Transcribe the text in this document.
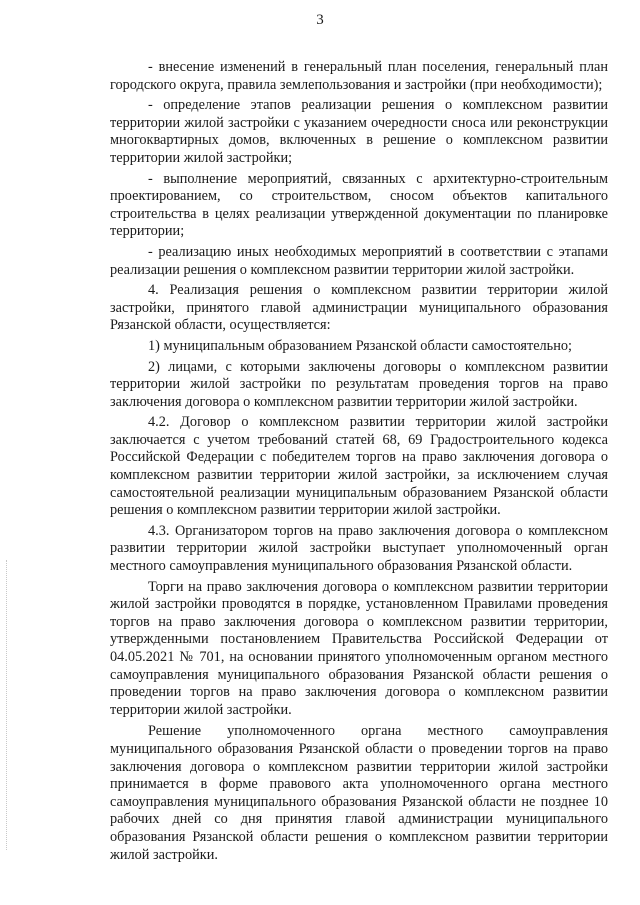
3

- внесение изменений в генеральный план поселения, генеральный план городского округа, правила землепользования и застройки (при необходимости);

- определение этапов реализации решения о комплексном развитии территории жилой застройки с указанием очередности сноса или реконструкции многоквартирных домов, включенных в решение о комплексном развитии территории жилой застройки;

- выполнение мероприятий, связанных с архитектурно-строительным проектированием, со строительством, сносом объектов капитального строительства в целях реализации утвержденной документации по планировке территории;

- реализацию иных необходимых мероприятий в соответствии с этапами реализации решения о комплексном развитии территории жилой застройки.

4. Реализация решения о комплексном развитии территории жилой застройки, принятого главой администрации муниципального образования Рязанской области, осуществляется:

1) муниципальным образованием Рязанской области самостоятельно;

2) лицами, с которыми заключены договоры о комплексном развитии территории жилой застройки по результатам проведения торгов на право заключения договора о комплексном развитии территории жилой застройки.

4.2. Договор о комплексном развитии территории жилой застройки заключается с учетом требований статей 68, 69 Градостроительного кодекса Российской Федерации с победителем торгов на право заключения договора о комплексном развитии территории жилой застройки, за исключением случая самостоятельной реализации муниципальным образованием Рязанской области решения о комплексном развитии территории жилой застройки.

4.3. Организатором торгов на право заключения договора о комплексном развитии территории жилой застройки выступает уполномоченный орган местного самоуправления муниципального образования Рязанской области.

Торги на право заключения договора о комплексном развитии территории жилой застройки проводятся в порядке, установленном Правилами проведения торгов на право заключения договора о комплексном развитии территории, утвержденными постановлением Правительства Российской Федерации от 04.05.2021 № 701, на основании принятого уполномоченным органом местного самоуправления муниципального образования Рязанской области решения о проведении торгов на право заключения договора о комплексном развитии территории жилой застройки.

Решение уполномоченного органа местного самоуправления муниципального образования Рязанской области о проведении торгов на право заключения договора о комплексном развитии территории жилой застройки принимается в форме правового акта уполномоченного органа местного самоуправления муниципального образования Рязанской области не позднее 10 рабочих дней со дня принятия главой администрации муниципального образования Рязанской области решения о комплексном развитии территории жилой застройки.
